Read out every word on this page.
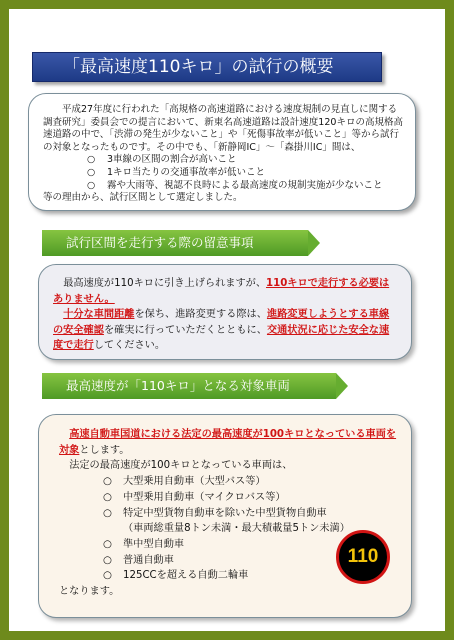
「最高速度110キロ」の試行の概要

平成27年度に行われた「高規格の高速道路における速度規制の見直しに関する調査研究」委員会での提言において、新東名高速道路は設計速度120キロの高規格高速道路の中で、「渋滞の発生が少ないこと」や「死傷事故率が低いこと」等から試行の対象となったものです。その中でも、「新静岡IC」～「森掛川IC」間は、

○	3車線の区間の割合が高いこと
○	1キロ当たりの交通事故率が低いこと
○	霧や大雨等、視認不良時による最高速度の規制実施が少ないこと

等の理由から、試行区間として選定しました。

試行区間を走行する際の留意事項

最高速度が110キロに引き上げられますが、110キロで走行する必要はありません。

十分な車間距離を保ち、進路変更する際は、進路変更しようとする車線の安全確認を確実に行っていただくとともに、交通状況に応じた安全な速度で走行してください。

最高速度が「110キロ」となる対象車両

高速自動車国道における法定の最高速度が100キロとなっている車両を対象とします。

法定の最高速度が100キロとなっている車両は、

○	大型乗用自動車（大型バス等）
○	中型乗用自動車（マイクロバス等）
○	特定中型貨物自動車を除いた中型貨物自動車
（車両総重量8トン未満・最大積載量5トン未満）
○	準中型自動車
○	普通自動車
○	125CCを超える自動二輪車

となります。

110
